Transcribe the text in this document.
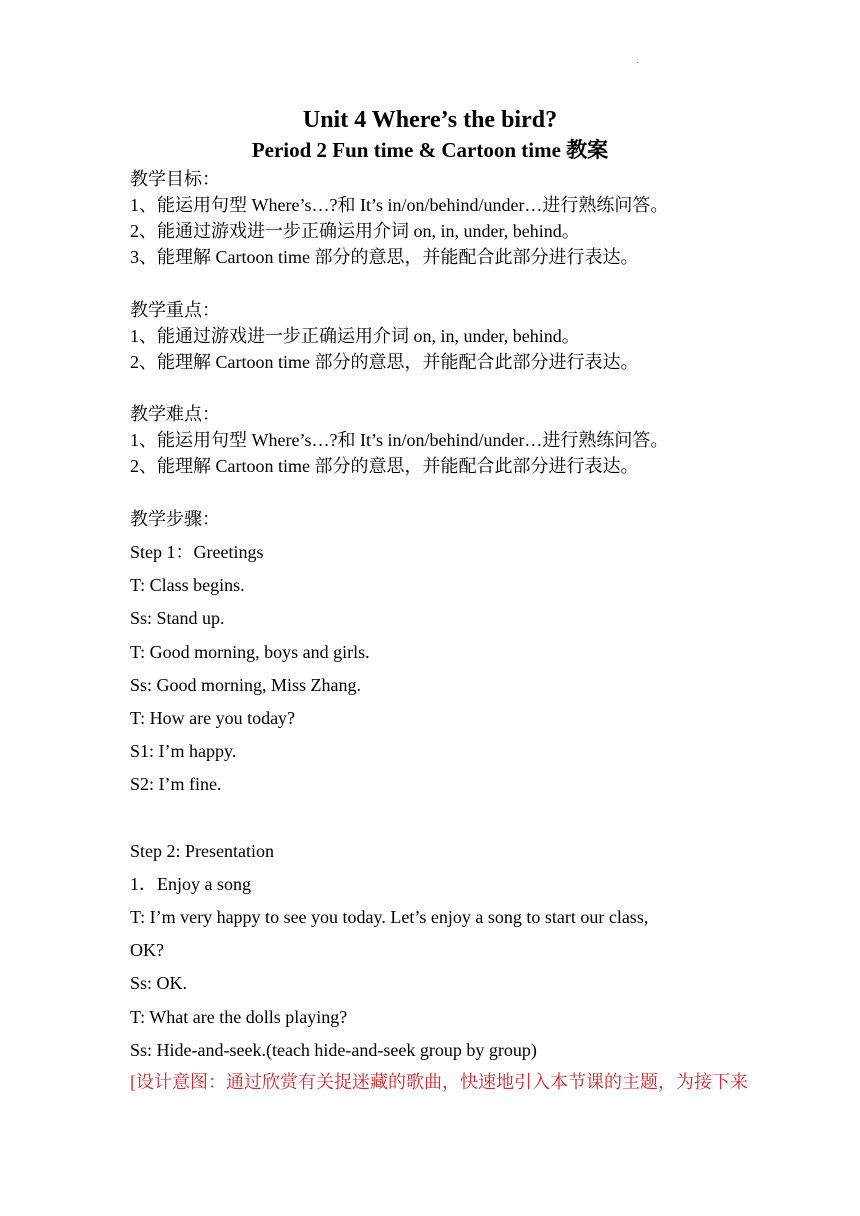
.
Unit 4 Where’s the bird?
Period 2 Fun time & Cartoon time 教案
教学目标：
1、能运用句型 Where’s…?和 It’s in/on/behind/under…进行熟练问答。
2、能通过游戏进一步正确运用介词 on, in, under, behind。
3、能理解 Cartoon time 部分的意思，并能配合此部分进行表达。
教学重点：
1、能通过游戏进一步正确运用介词 on, in, under, behind。
2、能理解 Cartoon time 部分的意思，并能配合此部分进行表达。
教学难点：
1、能运用句型 Where’s…?和 It’s in/on/behind/under…进行熟练问答。
2、能理解 Cartoon time 部分的意思，并能配合此部分进行表达。
教学步骤：
Step 1：Greetings
T: Class begins.
Ss: Stand up.
T: Good morning, boys and girls.
Ss: Good morning, Miss Zhang.
T: How are you today?
S1: I’m happy.
S2: I’m fine.
Step 2: Presentation
1．Enjoy a song
T: I’m very happy to see you today. Let’s enjoy a song to start our class,
OK?
Ss: OK.
T: What are the dolls playing?
Ss: Hide-and-seek.(teach hide-and-seek group by group)
[设计意图：通过欣赏有关捉迷藏的歌曲，快速地引入本节课的主题，为接下来
